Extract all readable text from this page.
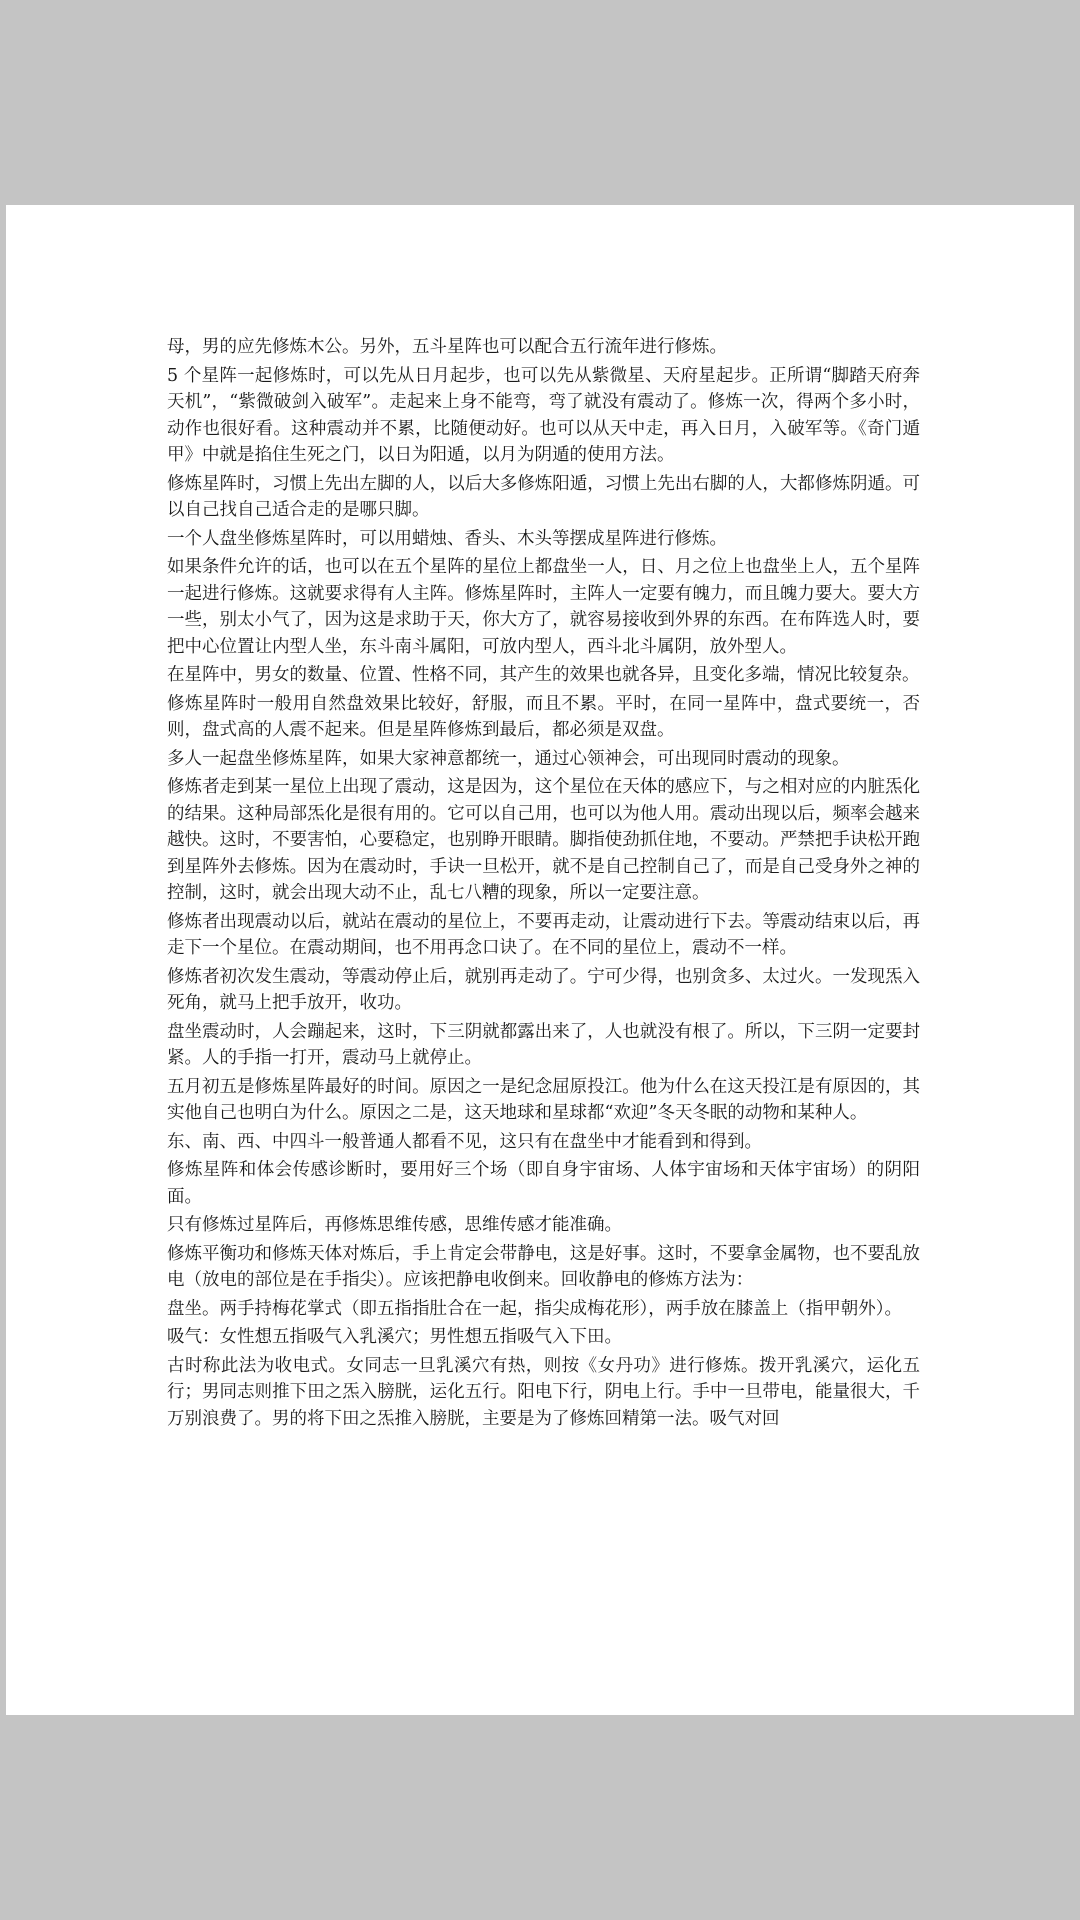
母，男的应先修炼木公。另外，五斗星阵也可以配合五行流年进行修炼。

5 个星阵一起修炼时，可以先从日月起步，也可以先从紫微星、天府星起步。正所谓“脚踏天府奔天机”，“紫微破剑入破军”。走起来上身不能弯，弯了就没有震动了。修炼一次，得两个多小时，动作也很好看。这种震动并不累，比随便动好。也可以从天中走，再入日月，入破军等。《奇门遁甲》中就是掐住生死之门，以日为阳遁，以月为阴遁的使用方法。

修炼星阵时，习惯上先出左脚的人，以后大多修炼阳遁，习惯上先出右脚的人，大都修炼阴遁。可以自己找自己适合走的是哪只脚。

一个人盘坐修炼星阵时，可以用蜡烛、香头、木头等摆成星阵进行修炼。

如果条件允许的话，也可以在五个星阵的星位上都盘坐一人，日、月之位上也盘坐上人，五个星阵一起进行修炼。这就要求得有人主阵。修炼星阵时，主阵人一定要有魄力，而且魄力要大。要大方一些，别太小气了，因为这是求助于天，你大方了，就容易接收到外界的东西。在布阵选人时，要把中心位置让内型人坐，东斗南斗属阳，可放内型人，西斗北斗属阴，放外型人。

在星阵中，男女的数量、位置、性格不同，其产生的效果也就各异，且变化多端，情况比较复杂。

修炼星阵时一般用自然盘效果比较好，舒服，而且不累。平时，在同一星阵中，盘式要统一，否则，盘式高的人震不起来。但是星阵修炼到最后，都必须是双盘。

多人一起盘坐修炼星阵，如果大家神意都统一，通过心领神会，可出现同时震动的现象。

修炼者走到某一星位上出现了震动，这是因为，这个星位在天体的感应下，与之相对应的内脏炁化的结果。这种局部炁化是很有用的。它可以自己用，也可以为他人用。震动出现以后，频率会越来越快。这时，不要害怕，心要稳定，也别睁开眼睛。脚指使劲抓住地，不要动。严禁把手诀松开跑到星阵外去修炼。因为在震动时，手诀一旦松开，就不是自己控制自己了，而是自己受身外之神的控制，这时，就会出现大动不止，乱七八糟的现象，所以一定要注意。

修炼者出现震动以后，就站在震动的星位上，不要再走动，让震动进行下去。等震动结束以后，再走下一个星位。在震动期间，也不用再念口诀了。在不同的星位上，震动不一样。

修炼者初次发生震动，等震动停止后，就别再走动了。宁可少得，也别贪多、太过火。一发现炁入死角，就马上把手放开，收功。

盘坐震动时，人会蹦起来，这时，下三阴就都露出来了，人也就没有根了。所以，下三阴一定要封紧。人的手指一打开，震动马上就停止。

五月初五是修炼星阵最好的时间。原因之一是纪念屈原投江。他为什么在这天投江是有原因的，其实他自己也明白为什么。原因之二是，这天地球和星球都“欢迎”冬天冬眠的动物和某种人。

东、南、西、中四斗一般普通人都看不见，这只有在盘坐中才能看到和得到。

修炼星阵和体会传感诊断时，要用好三个场（即自身宇宙场、人体宇宙场和天体宇宙场）的阴阳面。

只有修炼过星阵后，再修炼思维传感，思维传感才能准确。

修炼平衡功和修炼天体对炼后，手上肯定会带静电，这是好事。这时，不要拿金属物，也不要乱放电（放电的部位是在手指尖）。应该把静电收倒来。回收静电的修炼方法为：

盘坐。两手持梅花掌式（即五指指肚合在一起，指尖成梅花形），两手放在膝盖上（指甲朝外）。

吸气：女性想五指吸气入乳溪穴；男性想五指吸气入下田。

古时称此法为收电式。女同志一旦乳溪穴有热，则按《女丹功》进行修炼。拨开乳溪穴，运化五行；男同志则推下田之炁入膀胱，运化五行。阳电下行，阴电上行。手中一旦带电，能量很大，千万别浪费了。男的将下田之炁推入膀胱，主要是为了修炼回精第一法。吸气对回
